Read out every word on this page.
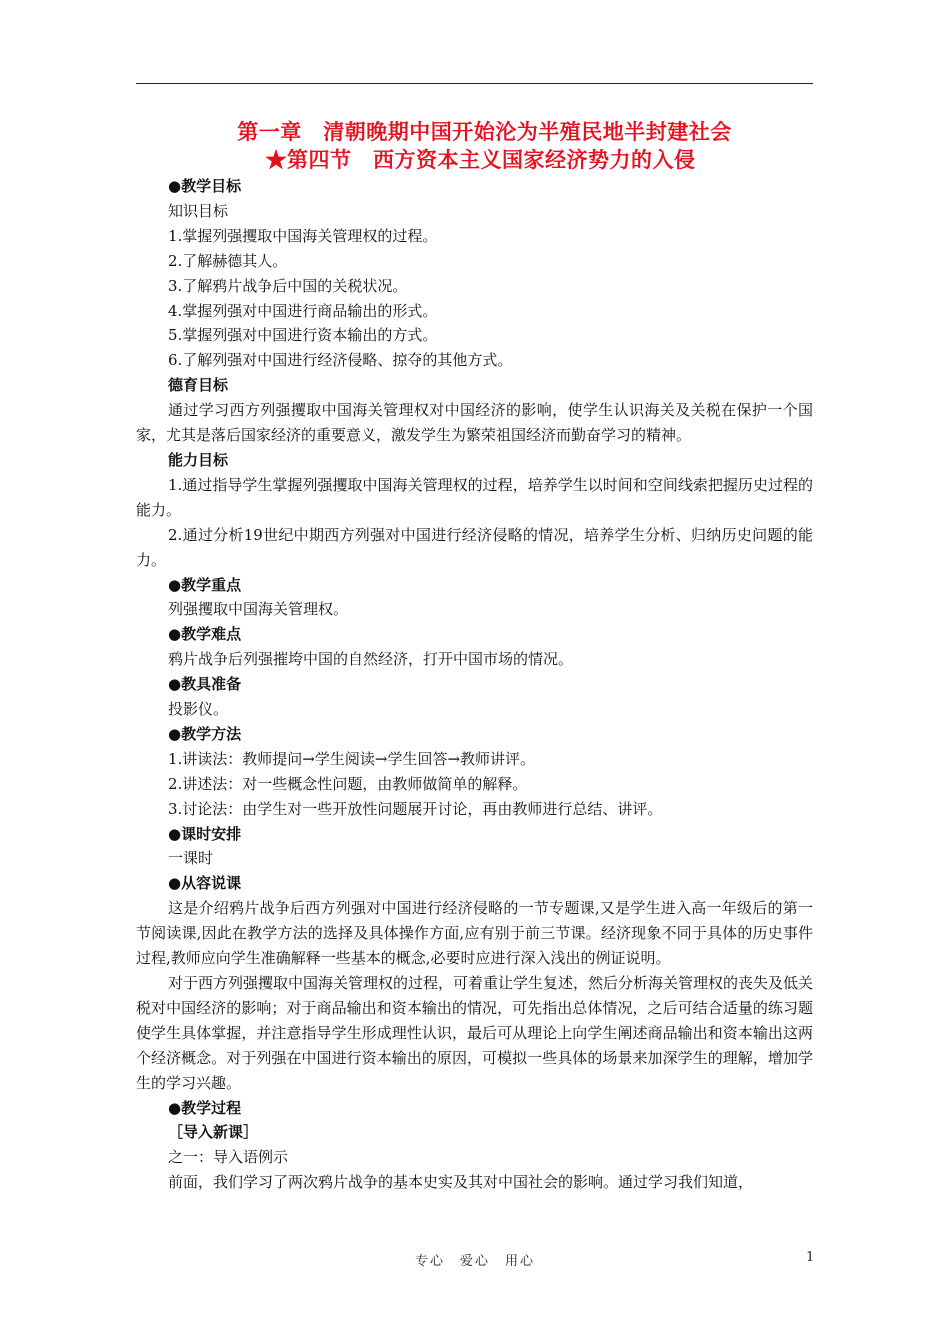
第一章　清朝晚期中国开始沦为半殖民地半封建社会
★第四节　西方资本主义国家经济势力的入侵
●教学目标
知识目标
1.掌握列强攫取中国海关管理权的过程。
2.了解赫德其人。
3.了解鸦片战争后中国的关税状况。
4.掌握列强对中国进行商品输出的形式。
5.掌握列强对中国进行资本输出的方式。
6.了解列强对中国进行经济侵略、掠夺的其他方式。
德育目标
通过学习西方列强攫取中国海关管理权对中国经济的影响，使学生认识海关及关税在保护一个国家，尤其是落后国家经济的重要意义，激发学生为繁荣祖国经济而勤奋学习的精神。
能力目标
1.通过指导学生掌握列强攫取中国海关管理权的过程，培养学生以时间和空间线索把握历史过程的能力。
2.通过分析19世纪中期西方列强对中国进行经济侵略的情况，培养学生分析、归纳历史问题的能力。
●教学重点
列强攫取中国海关管理权。
●教学难点
鸦片战争后列强摧垮中国的自然经济，打开中国市场的情况。
●教具准备
投影仪。
●教学方法
1.讲读法：教师提问→学生阅读→学生回答→教师讲评。
2.讲述法：对一些概念性问题，由教师做简单的解释。
3.讨论法：由学生对一些开放性问题展开讨论，再由教师进行总结、讲评。
●课时安排
一课时
●从容说课
这是介绍鸦片战争后西方列强对中国进行经济侵略的一节专题课,又是学生进入高一年级后的第一节阅读课,因此在教学方法的选择及具体操作方面,应有别于前三节课。经济现象不同于具体的历史事件过程,教师应向学生准确解释一些基本的概念,必要时应进行深入浅出的例证说明。
对于西方列强攫取中国海关管理权的过程，可着重让学生复述，然后分析海关管理权的丧失及低关税对中国经济的影响；对于商品输出和资本输出的情况，可先指出总体情况，之后可结合适量的练习题使学生具体掌握，并注意指导学生形成理性认识，最后可从理论上向学生阐述商品输出和资本输出这两个经济概念。对于列强在中国进行资本输出的原因，可模拟一些具体的场景来加深学生的理解，增加学生的学习兴趣。
●教学过程
［导入新课］
之一：导入语例示
前面，我们学习了两次鸦片战争的基本史实及其对中国社会的影响。通过学习我们知道，
专心　爱心　用心	1
